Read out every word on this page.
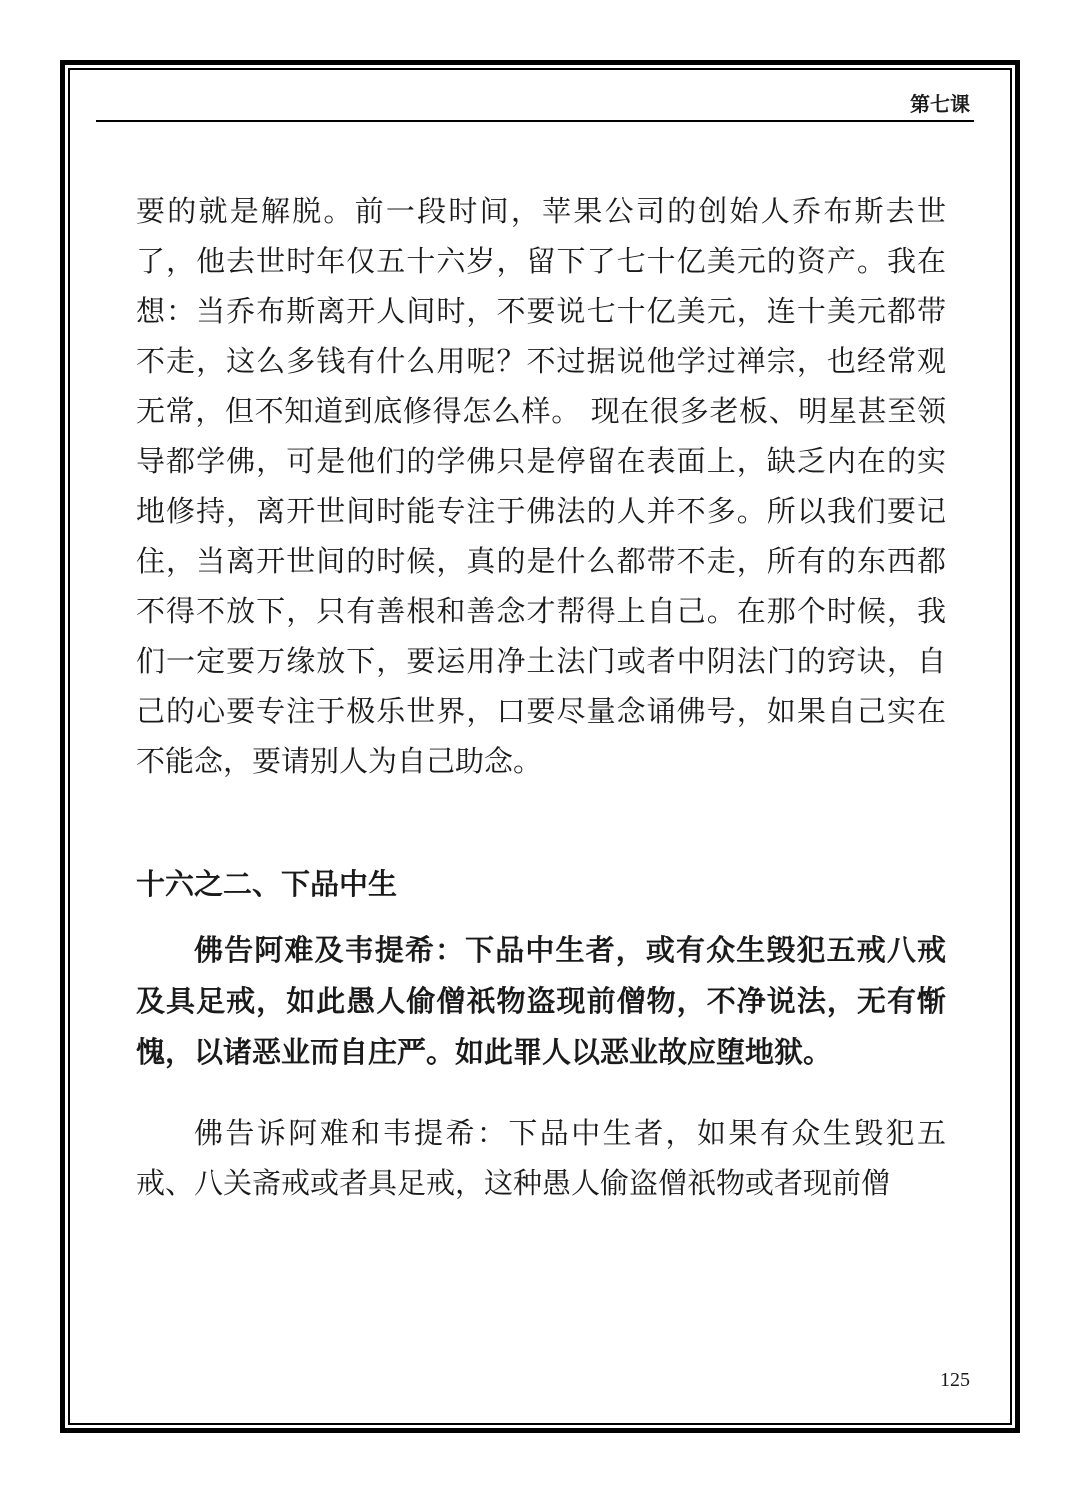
第七课

要的就是解脱。前一段时间，苹果公司的创始人乔布斯去世了，他去世时年仅五十六岁，留下了七十亿美元的资产。我在想：当乔布斯离开人间时，不要说七十亿美元，连十美元都带不走，这么多钱有什么用呢？不过据说他学过禅宗，也经常观无常，但不知道到底修得怎么样。 现在很多老板、明星甚至领导都学佛，可是他们的学佛只是停留在表面上，缺乏内在的实地修持，离开世间时能专注于佛法的人并不多。所以我们要记住，当离开世间的时候，真的是什么都带不走，所有的东西都不得不放下，只有善根和善念才帮得上自己。在那个时候，我们一定要万缘放下，要运用净土法门或者中阴法门的窍诀，自己的心要专注于极乐世界，口要尽量念诵佛号，如果自己实在不能念，要请别人为自己助念。

十六之二、下品中生

佛告阿难及韦提希：下品中生者，或有众生毁犯五戒八戒及具足戒，如此愚人偷僧祇物盗现前僧物，不净说法，无有惭愧，以诸恶业而自庄严。如此罪人以恶业故应堕地狱。

佛告诉阿难和韦提希：下品中生者，如果有众生毁犯五戒、八关斋戒或者具足戒，这种愚人偷盗僧祇物或者现前僧

125
